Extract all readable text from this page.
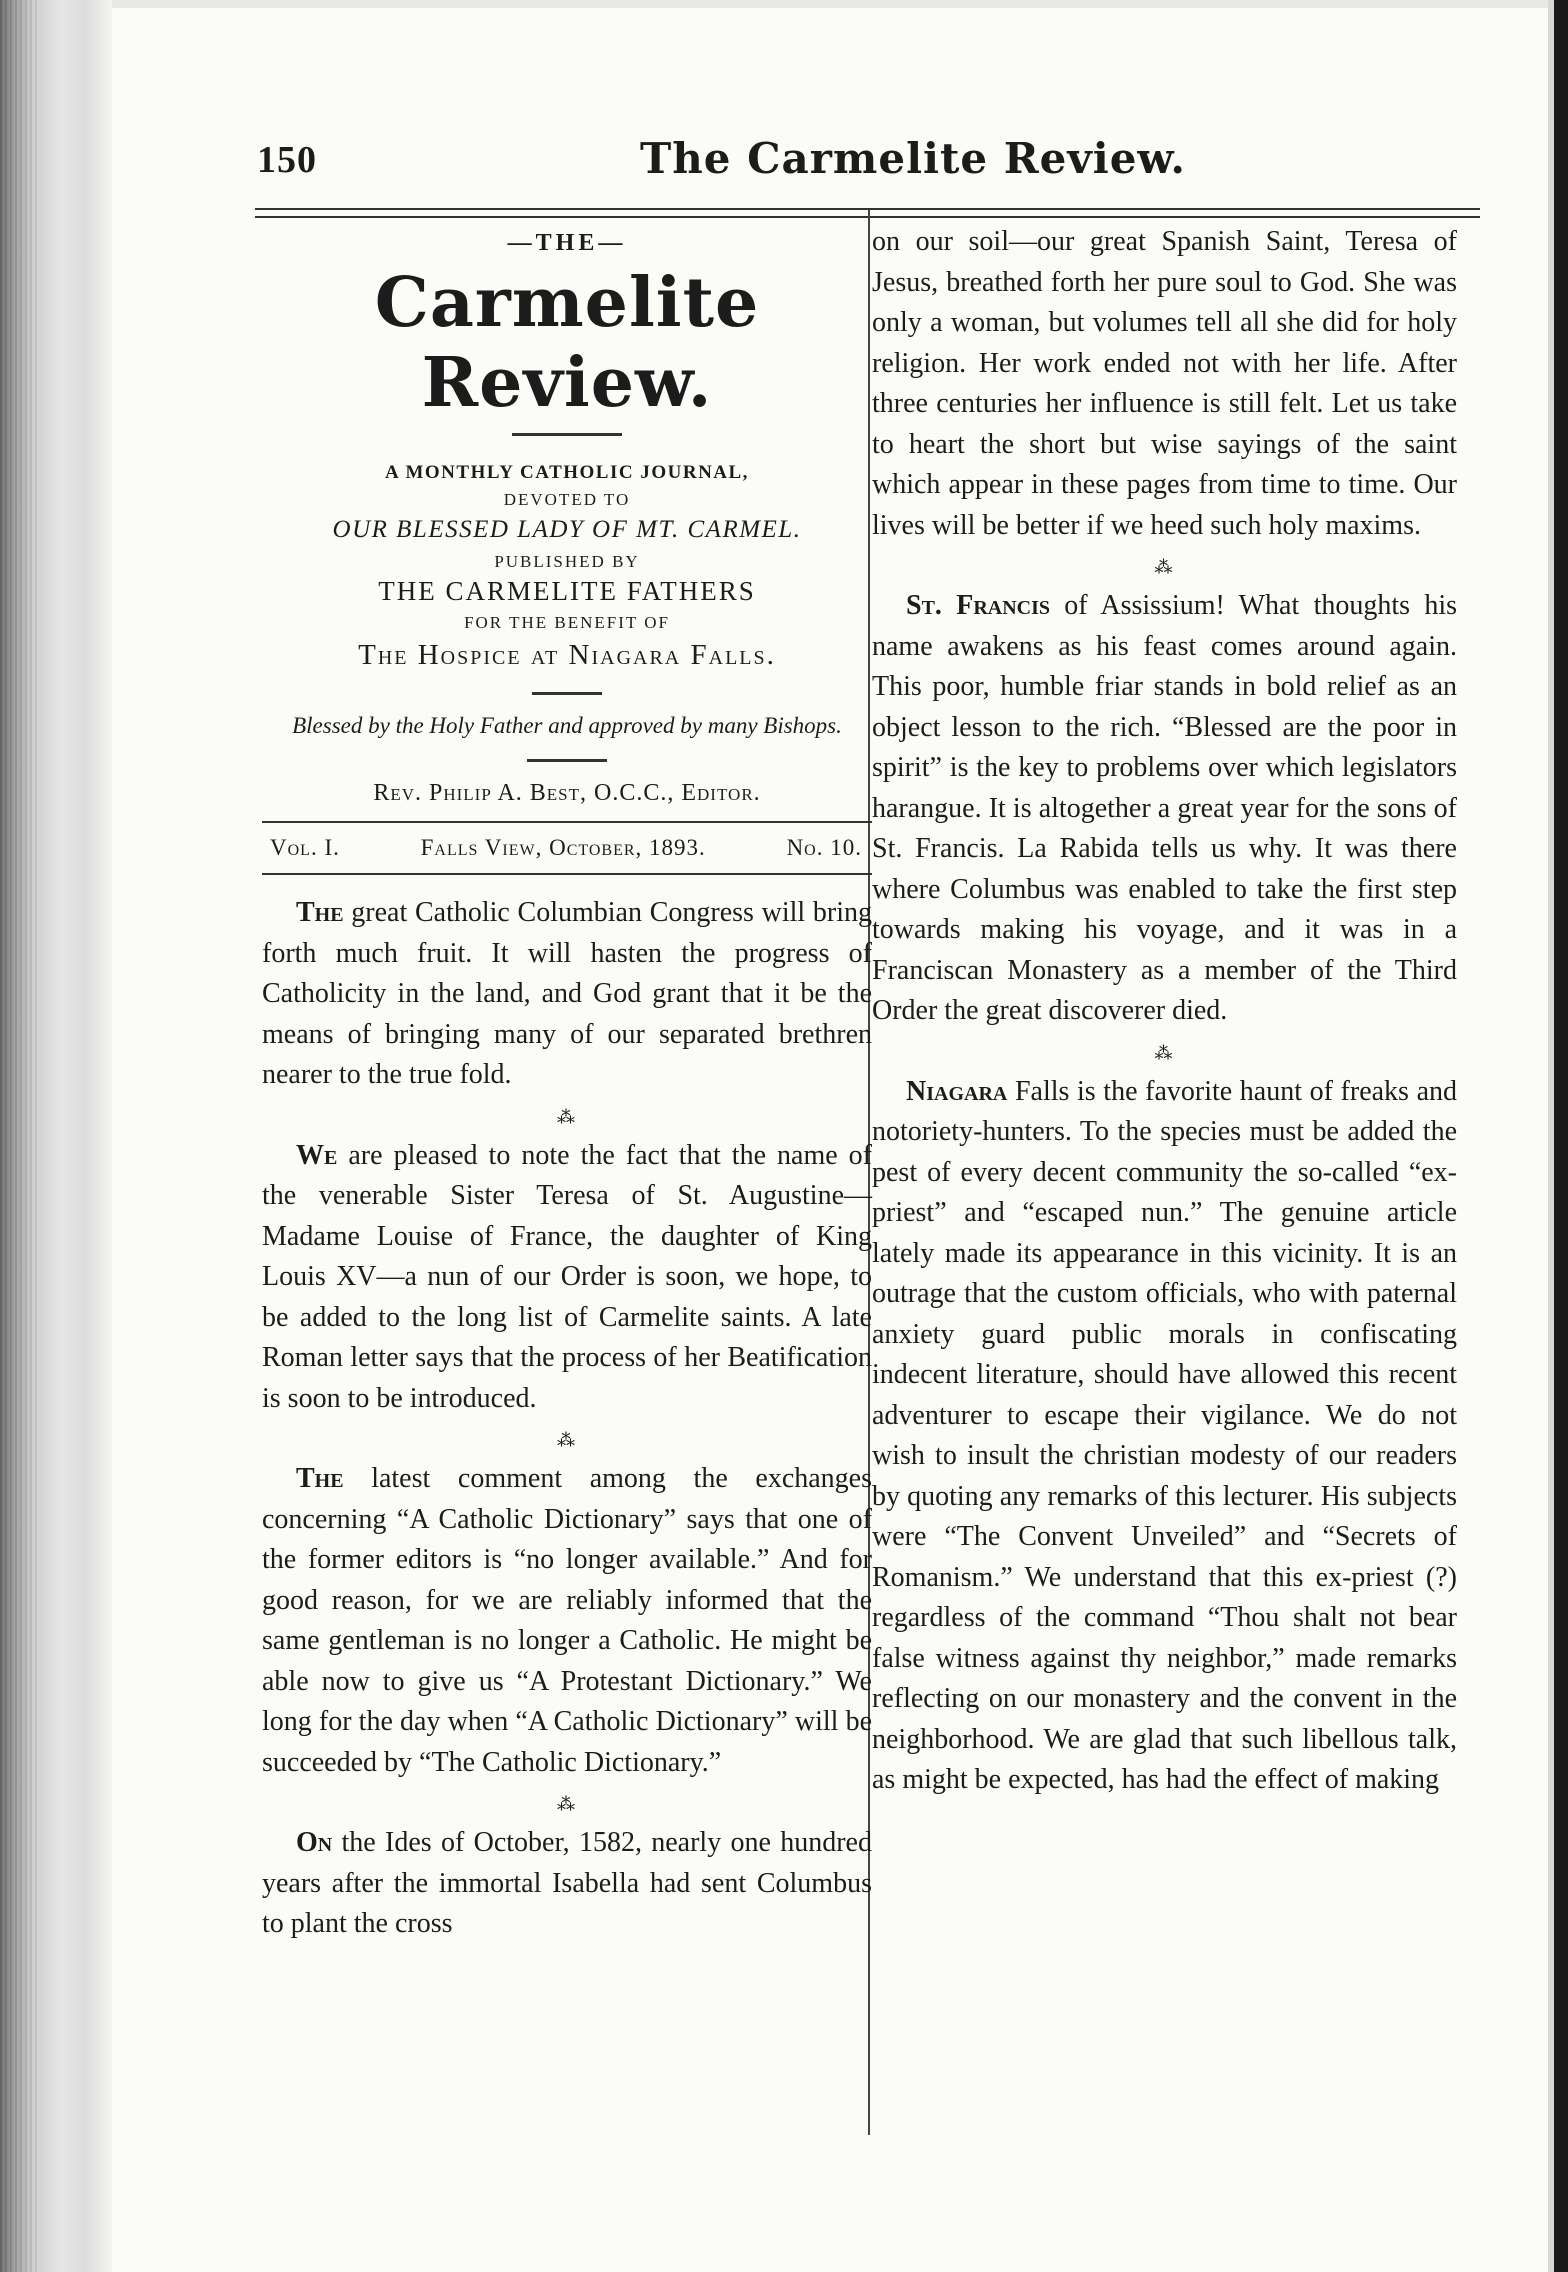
150	The Carmelite Review.
—THE—
Carmelite Review.
A MONTHLY CATHOLIC JOURNAL,
DEVOTED TO
OUR BLESSED LADY OF MT. CARMEL.
PUBLISHED BY
THE CARMELITE FATHERS
FOR THE BENEFIT OF
The Hospice at Niagara Falls.
Blessed by the Holy Father and approved by many Bishops.
Rev. Philip A. Best, O.C.C., Editor.
Vol. I.	Falls View, October, 1893.	No. 10.

The great Catholic Columbian Congress will bring forth much fruit. It will hasten the progress of Catholicity in the land, and God grant that it be the means of bringing many of our separated brethren nearer to the true fold.

⁂

We are pleased to note the fact that the name of the venerable Sister Teresa of St. Augustine—Madame Louise of France, the daughter of King Louis XV—a nun of our Order is soon, we hope, to be added to the long list of Carmelite saints. A late Roman letter says that the process of her Beatification is soon to be introduced.

⁂

The latest comment among the exchanges concerning “A Catholic Dictionary” says that one of the former editors is “no longer available.” And for good reason, for we are reliably informed that the same gentleman is no longer a Catholic. He might be able now to give us “A Protestant Dictionary.” We long for the day when “A Catholic Dictionary” will be succeeded by “The Catholic Dictionary.”

⁂

On the Ides of October, 1582, nearly one hundred years after the immortal Isabella had sent Columbus to plant the cross

on our soil—our great Spanish Saint, Teresa of Jesus, breathed forth her pure soul to God. She was only a woman, but volumes tell all she did for holy religion. Her work ended not with her life. After three centuries her influence is still felt. Let us take to heart the short but wise sayings of the saint which appear in these pages from time to time. Our lives will be better if we heed such holy maxims.

⁂

St. Francis of Assissium! What thoughts his name awakens as his feast comes around again. This poor, humble friar stands in bold relief as an object lesson to the rich. “Blessed are the poor in spirit” is the key to problems over which legislators harangue. It is altogether a great year for the sons of St. Francis. La Rabida tells us why. It was there where Columbus was enabled to take the first step towards making his voyage, and it was in a Franciscan Monastery as a member of the Third Order the great discoverer died.

⁂

Niagara Falls is the favorite haunt of freaks and notoriety-hunters. To the species must be added the pest of every decent community the so-called “ex-priest” and “escaped nun.” The genuine article lately made its appearance in this vicinity. It is an outrage that the custom officials, who with paternal anxiety guard public morals in confiscating indecent literature, should have allowed this recent adventurer to escape their vigilance. We do not wish to insult the christian modesty of our readers by quoting any remarks of this lecturer. His subjects were “The Convent Unveiled” and “Secrets of Romanism.” We understand that this ex-priest (?) regardless of the command “Thou shalt not bear false witness against thy neighbor,” made remarks reflecting on our monastery and the convent in the neighborhood. We are glad that such libellous talk, as might be expected, has had the effect of making
